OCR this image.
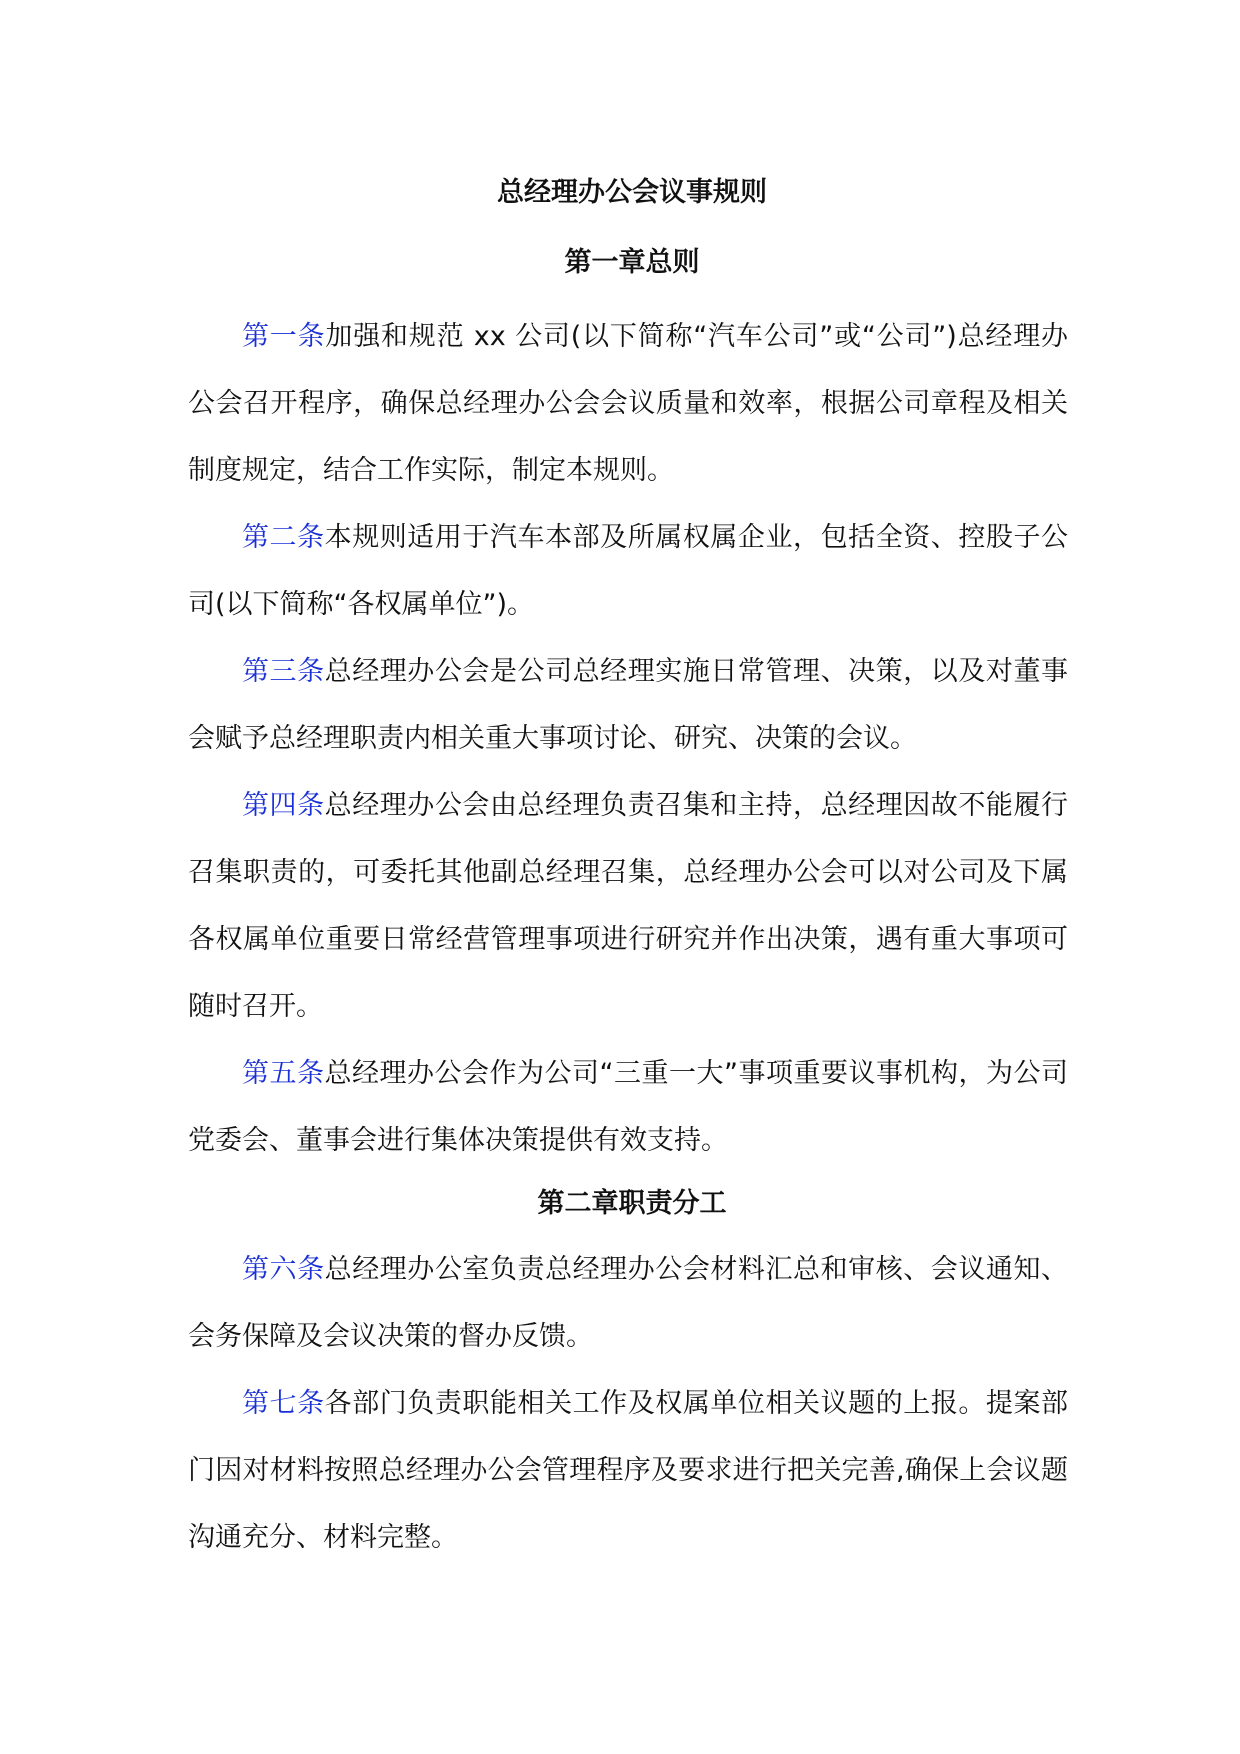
总经理办公会议事规则
第一章总则

第一条加强和规范 xx 公司(以下简称“汽车公司”或“公司”)总经理办公会召开程序，确保总经理办公会会议质量和效率，根据公司章程及相关制度规定，结合工作实际，制定本规则。

第二条本规则适用于汽车本部及所属权属企业，包括全资、控股子公司(以下简称“各权属单位”)。

第三条总经理办公会是公司总经理实施日常管理、决策，以及对董事会赋予总经理职责内相关重大事项讨论、研究、决策的会议。

第四条总经理办公会由总经理负责召集和主持，总经理因故不能履行召集职责的，可委托其他副总经理召集，总经理办公会可以对公司及下属各权属单位重要日常经营管理事项进行研究并作出决策，遇有重大事项可随时召开。

第五条总经理办公会作为公司“三重一大”事项重要议事机构，为公司党委会、董事会进行集体决策提供有效支持。

第二章职责分工

第六条总经理办公室负责总经理办公会材料汇总和审核、会议通知、会务保障及会议决策的督办反馈。

第七条各部门负责职能相关工作及权属单位相关议题的上报。提案部门因对材料按照总经理办公会管理程序及要求进行把关完善,确保上会议题沟通充分、材料完整。
